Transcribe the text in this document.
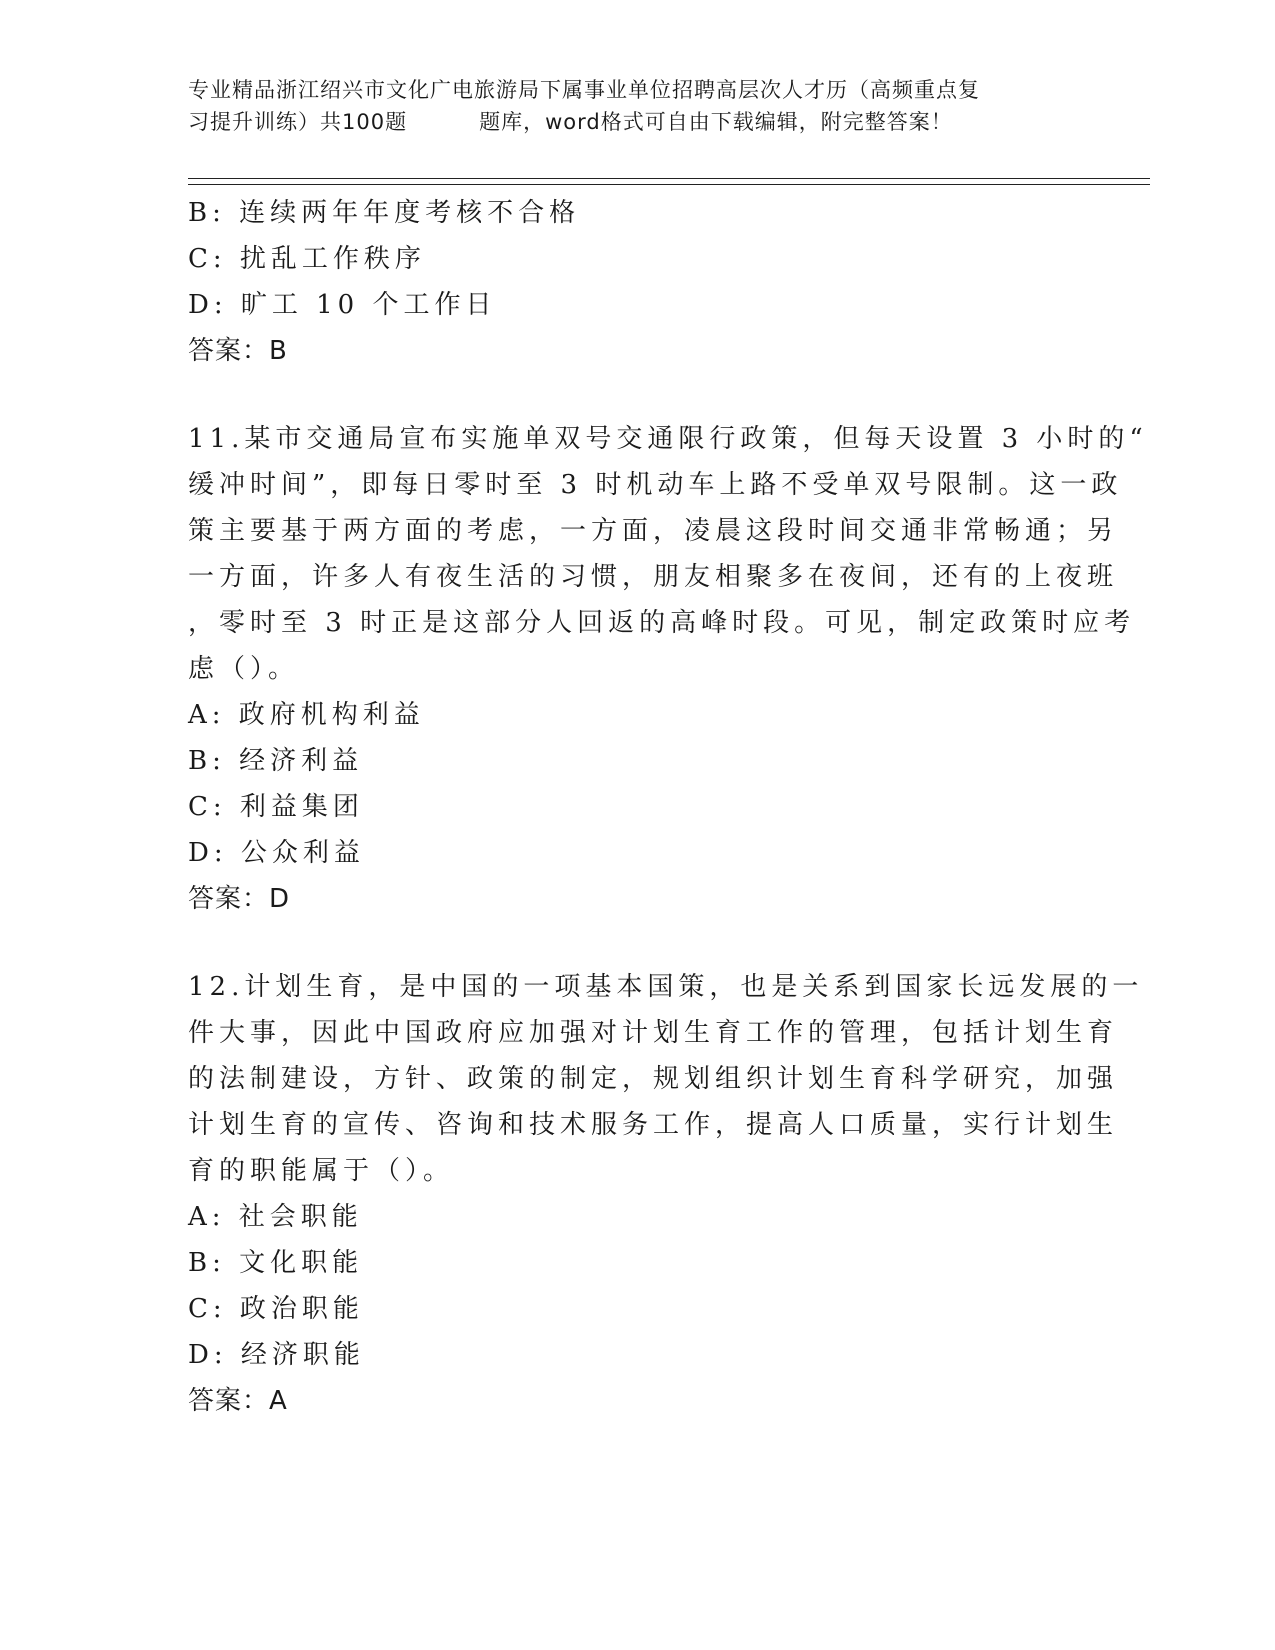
专业精品浙江绍兴市文化广电旅游局下属事业单位招聘高层次人才历（高频重点复
习提升训练）共100题	题库，word格式可自由下载编辑，附完整答案！
B: 连续两年年度考核不合格
C: 扰乱工作秩序
D: 旷工 10 个工作日
答案：B
11.某市交通局宣布实施单双号交通限行政策，但每天设置 3 小时的“
缓冲时间”，即每日零时至 3 时机动车上路不受单双号限制。这一政
策主要基于两方面的考虑，一方面，凌晨这段时间交通非常畅通；另
一方面，许多人有夜生活的习惯，朋友相聚多在夜间，还有的上夜班
，零时至 3 时正是这部分人回返的高峰时段。可见，制定政策时应考
虑（）。
A: 政府机构利益
B: 经济利益
C: 利益集团
D: 公众利益
答案：D
12.计划生育，是中国的一项基本国策，也是关系到国家长远发展的一
件大事，因此中国政府应加强对计划生育工作的管理，包括计划生育
的法制建设，方针、政策的制定，规划组织计划生育科学研究，加强
计划生育的宣传、咨询和技术服务工作，提高人口质量，实行计划生
育的职能属于（）。
A: 社会职能
B: 文化职能
C: 政治职能
D: 经济职能
答案：A
